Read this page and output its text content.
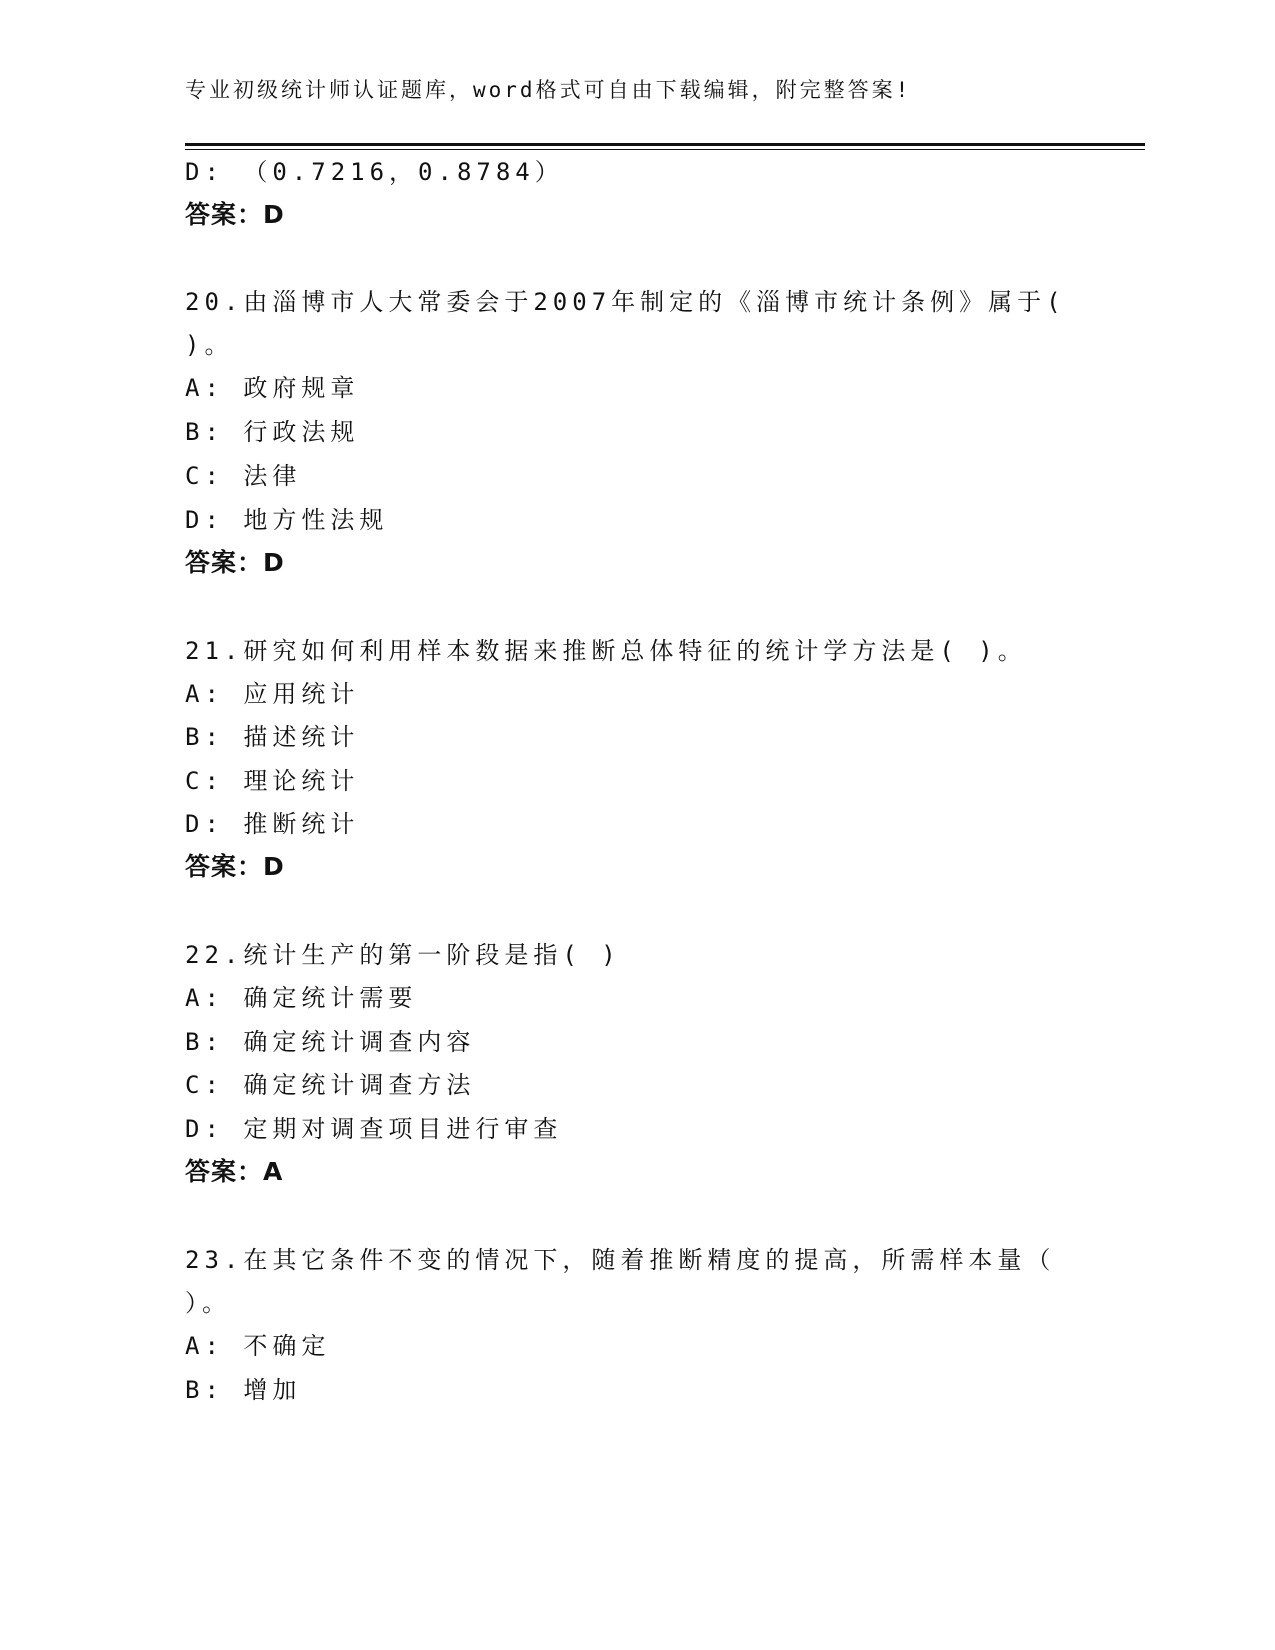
专业初级统计师认证题库，word格式可自由下载编辑，附完整答案!
D: （0.7216，0.8784）
答案：D
20.由淄博市人大常委会于2007年制定的《淄博市统计条例》属于(
)。
A: 政府规章
B: 行政法规
C: 法律
D: 地方性法规
答案：D
21.研究如何利用样本数据来推断总体特征的统计学方法是( )。
A: 应用统计
B: 描述统计
C: 理论统计
D: 推断统计
答案：D
22.统计生产的第一阶段是指( )
A: 确定统计需要
B: 确定统计调查内容
C: 确定统计调查方法
D: 定期对调查项目进行审查
答案：A
23.在其它条件不变的情况下，随着推断精度的提高，所需样本量（
）。
A: 不确定
B: 增加
